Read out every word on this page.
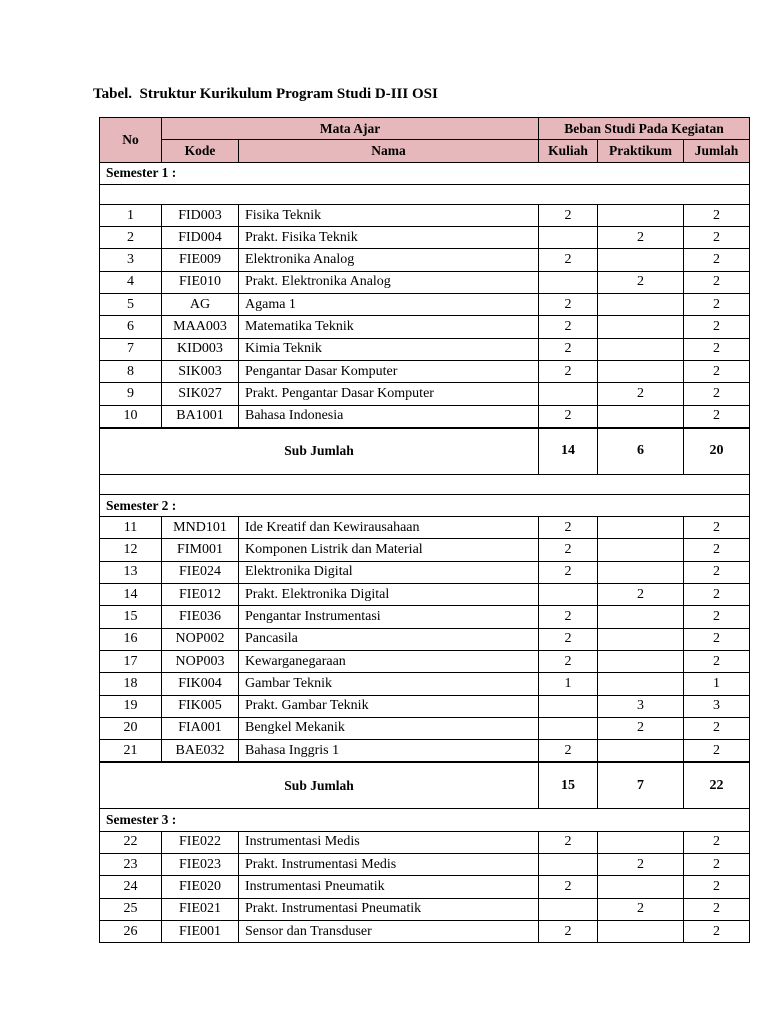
Tabel.  Struktur Kurikulum Program Studi D-III OSI
No	Mata Ajar		Beban Studi Pada Kegiatan		
	Kode	Nama	Kuliah	Praktikum	Jumlah
Semester 1 :					

1	FID003	Fisika Teknik	2		2
2	FID004	Prakt. Fisika Teknik		2	2
3	FIE009	Elektronika Analog	2		2
4	FIE010	Prakt. Elektronika Analog		2	2
5	AG	Agama 1	2		2
6	MAA003	Matematika Teknik	2		2
7	KID003	Kimia Teknik	2		2
8	SIK003	Pengantar Dasar Komputer	2		2
9	SIK027	Prakt. Pengantar Dasar Komputer		2	2
10	BA1001	Bahasa Indonesia	2		2
Sub Jumlah			14	6	20

Semester 2 :					
11	MND101	Ide Kreatif dan Kewirausahaan	2		2
12	FIM001	Komponen Listrik dan Material	2		2
13	FIE024	Elektronika Digital	2		2
14	FIE012	Prakt. Elektronika Digital		2	2
15	FIE036	Pengantar Instrumentasi	2		2
16	NOP002	Pancasila	2		2
17	NOP003	Kewarganegaraan	2		2
18	FIK004	Gambar Teknik	1		1
19	FIK005	Prakt. Gambar Teknik		3	3
20	FIA001	Bengkel Mekanik		2	2
21	BAE032	Bahasa Inggris 1	2		2
Sub Jumlah			15	7	22
Semester 3 :					
22	FIE022	Instrumentasi Medis	2		2
23	FIE023	Prakt. Instrumentasi Medis		2	2
24	FIE020	Instrumentasi Pneumatik	2		2
25	FIE021	Prakt. Instrumentasi Pneumatik		2	2
26	FIE001	Sensor dan Transduser	2		2
